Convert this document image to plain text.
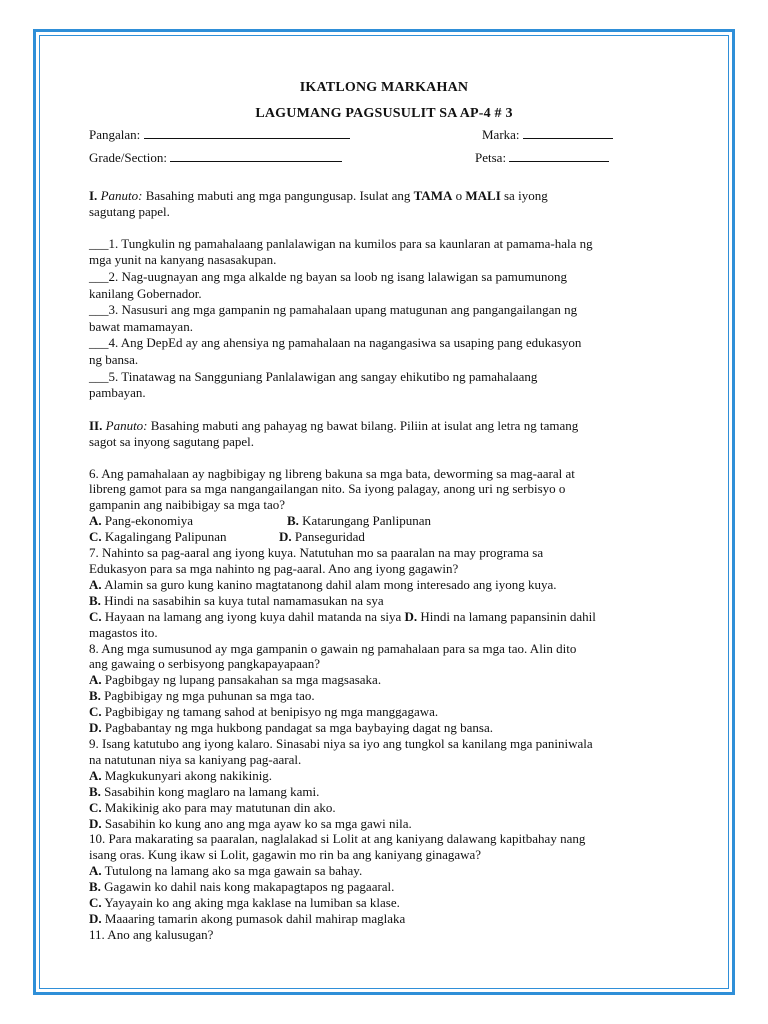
IKATLONG MARKAHAN
LAGUMANG PAGSUSULIT SA AP-4 # 3
Pangalan:	Marka:
Grade/Section:	Petsa:

I. Panuto: Basahing mabuti ang mga pangungusap. Isulat ang TAMA o MALI sa iyong

sagutang papel.

___1. Tungkulin ng pamahalaang panlalawigan na kumilos para sa kaunlaran at pamama-hala ng

mga yunit na kanyang nasasakupan.

___2. Nag-uugnayan ang mga alkalde ng bayan sa loob ng isang lalawigan sa pamumunong

kanilang Gobernador.

___3. Nasusuri ang mga gampanin ng pamahalaan upang matugunan ang pangangailangan ng

bawat mamamayan.

___4. Ang DepEd ay ang ahensiya ng pamahalaan na nagangasiwa sa usaping pang edukasyon

ng bansa.

___5. Tinatawag na Sangguniang Panlalawigan ang sangay ehikutibo ng pamahalaang

pambayan.

II. Panuto: Basahing mabuti ang pahayag ng bawat bilang. Piliin at isulat ang letra ng tamang

sagot sa inyong sagutang papel.

6. Ang pamahalaan ay nagbibigay ng libreng bakuna sa mga bata, deworming sa mag-aaral at

libreng gamot para sa mga nangangailangan nito. Sa iyong palagay, anong uri ng serbisyo o

gampanin ang naibibigay sa mga tao?

A. Pang-ekonomiya	B. Katarungang Panlipunan

C. Kagalingang Palipunan	D. Panseguridad

7. Nahinto sa pag-aaral ang iyong kuya. Natutuhan mo sa paaralan na may programa sa

Edukasyon para sa mga nahinto ng pag-aaral. Ano ang iyong gagawin?

A. Alamin sa guro kung kanino magtatanong dahil alam mong interesado ang iyong kuya.

B. Hindi na sasabihin sa kuya tutal namamasukan na sya

C. Hayaan na lamang ang iyong kuya dahil matanda na siya D. Hindi na lamang papansinin dahil

magastos ito.

8. Ang mga sumusunod ay mga gampanin o gawain ng pamahalaan para sa mga tao. Alin dito

ang gawaing o serbisyong pangkapayapaan?

A. Pagbibgay ng lupang pansakahan sa mga magsasaka.

B. Pagbibigay ng mga puhunan sa mga tao.

C. Pagbibigay ng tamang sahod at benipisyo ng mga manggagawa.

D. Pagbabantay ng mga hukbong pandagat sa mga baybaying dagat ng bansa.

9. Isang katutubo ang iyong kalaro. Sinasabi niya sa iyo ang tungkol sa kanilang mga paniniwala

na natutunan niya sa kaniyang pag-aaral.

A. Magkukunyari akong nakikinig.

B. Sasabihin kong maglaro na lamang kami.

C. Makikinig ako para may matutunan din ako.

D. Sasabihin ko kung ano ang mga ayaw ko sa mga gawi nila.

10. Para makarating sa paaralan, naglalakad si Lolit at ang kaniyang dalawang kapitbahay nang

isang oras. Kung ikaw si Lolit, gagawin mo rin ba ang kaniyang ginagawa?

A. Tutulong na lamang ako sa mga gawain sa bahay.

B. Gagawin ko dahil nais kong makapagtapos ng pagaaral.

C. Yayayain ko ang aking mga kaklase na lumiban sa klase.

D. Maaaring tamarin akong pumasok dahil mahirap maglaka

11. Ano ang kalusugan?
